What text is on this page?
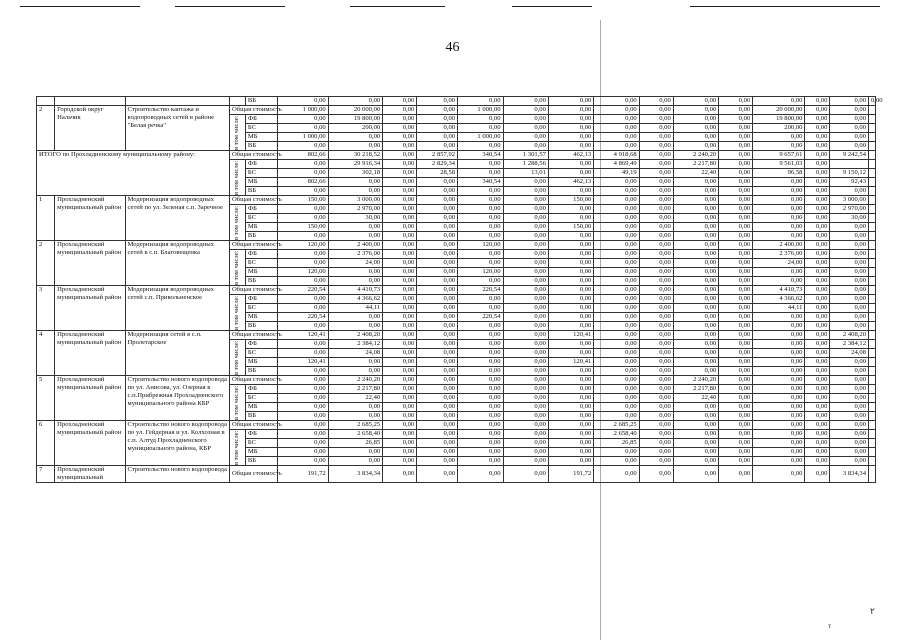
46
				ВБ	0,00	0,00	0,00	0,00	0,00	0,00	0,00	0,00	0,00	0,00	0,00	0,00	0,00	0,00	0,00
2	Городской округ Нальчик	Строительство каптажа и водопроводных сетей в районе "Белая речка"	Общая стоимость		1 000,00	20 000,00	0,00	0,00	1 000,00	0,00	0,00	0,00	0,00	0,00	0,00	20 000,00	0,00	0,00	
			в том числе:	ФБ	0,00	19 800,00	0,00	0,00	0,00	0,00	0,00	0,00	0,00	0,00	0,00	19 800,00	0,00	0,00	
				БС	0,00	200,00	0,00	0,00	0,00	0,00	0,00	0,00	0,00	0,00	0,00	200,00	0,00	0,00	
				МБ	1 000,00	0,00	0,00	0,00	1 000,00	0,00	0,00	0,00	0,00	0,00	0,00	0,00	0,00	0,00	
				ВБ	0,00	0,00	0,00	0,00	0,00	0,00	0,00	0,00	0,00	0,00	0,00	0,00	0,00	0,00	
ИТОГО по Прохладненскому муниципальному району:			Общая стоимость		802,66	30 218,52	0,00	2 857,92	340,54	1 301,57	462,13	4 918,68	0,00	2 240,20	0,00	9 657,61	0,00	9 242,54	
			в том числе:	ФБ	0,00	29 916,34	0,00	2 829,34	0,00	1 288,56	0,00	4 869,49	0,00	2 217,80	0,00	9 561,03	0,00		
				БС	0,00	302,18	0,00	28,58	0,00	13,01	0,00	49,19	0,00	22,40	0,00	96,58	0,00	9 150,12	
				МБ	802,66	0,00	0,00	0,00	340,54	0,00	462,13	0,00	0,00	0,00	0,00	0,00	0,00	92,43	
				ВБ	0,00	0,00	0,00	0,00	0,00	0,00	0,00	0,00	0,00	0,00	0,00	0,00	0,00	0,00	
1	Прохладненский муниципальный район	Модернизация водопроводных сетей по ул. Зеленая с.п. Заречное	Общая стоимость		150,00	3 000,00	0,00	0,00	0,00	0,00	150,00	0,00	0,00	0,00	0,00	0,00	0,00	3 000,00	
			в том числе:	ФБ	0,00	2 970,00	0,00	0,00	0,00	0,00	0,00	0,00	0,00	0,00	0,00	0,00	0,00	2 970,00	
				БС	0,00	30,00	0,00	0,00	0,00	0,00	0,00	0,00	0,00	0,00	0,00	0,00	0,00	30,00	
				МБ	150,00	0,00	0,00	0,00	0,00	0,00	150,00	0,00	0,00	0,00	0,00	0,00	0,00	0,00	
				ВБ	0,00	0,00	0,00	0,00	0,00	0,00	0,00	0,00	0,00	0,00	0,00	0,00	0,00	0,00	
2	Прохладненский муниципальный район	Модернизация водопроводных сетей в с.п. Благовещенка	Общая стоимость		120,00	2 400,00	0,00	0,00	120,00	0,00	0,00	0,00	0,00	0,00	0,00	2 400,00	0,00	0,00	
			в том числе:	ФБ	0,00	2 376,00	0,00	0,00	0,00	0,00	0,00	0,00	0,00	0,00	0,00	2 376,00	0,00	0,00	
				БС	0,00	24,00	0,00	0,00	0,00	0,00	0,00	0,00	0,00	0,00	0,00	24,00	0,00	0,00	
				МБ	120,00	0,00	0,00	0,00	120,00	0,00	0,00	0,00	0,00	0,00	0,00	0,00	0,00	0,00	
				ВБ	0,00	0,00	0,00	0,00	0,00	0,00	0,00	0,00	0,00	0,00	0,00	0,00	0,00	0,00	
3	Прохладненский муниципальный район	Модернизация водопроводных сетей с.п. Привольненское	Общая стоимость		220,54	4 410,73	0,00	0,00	220,54	0,00	0,00	0,00	0,00	0,00	0,00	4 410,73	0,00	0,00	
			в том числе:	ФБ	0,00	4 366,62	0,00	0,00	0,00	0,00	0,00	0,00	0,00	0,00	0,00	4 366,62	0,00	0,00	
				БС	0,00	44,11	0,00	0,00	0,00	0,00	0,00	0,00	0,00	0,00	0,00	44,11	0,00	0,00	
				МБ	220,54	0,00	0,00	0,00	220,54	0,00	0,00	0,00	0,00	0,00	0,00	0,00	0,00	0,00	
				ВБ	0,00	0,00	0,00	0,00	0,00	0,00	0,00	0,00	0,00	0,00	0,00	0,00	0,00	0,00	
4	Прохладненский муниципальный район	Модернизация сетей в с.п. Пролетарское	Общая стоимость		120,41	2 408,20	0,00	0,00	0,00	0,00	120,41	0,00	0,00	0,00	0,00	0,00	0,00	2 408,20	
			в том числе:	ФБ	0,00	2 384,12	0,00	0,00	0,00	0,00	0,00	0,00	0,00	0,00	0,00	0,00	0,00	2 384,12	
				БС	0,00	24,08	0,00	0,00	0,00	0,00	0,00	0,00	0,00	0,00	0,00	0,00	0,00	24,08	
				МБ	120,41	0,00	0,00	0,00	0,00	0,00	120,41	0,00	0,00	0,00	0,00	0,00	0,00	0,00	
				ВБ	0,00	0,00	0,00	0,00	0,00	0,00	0,00	0,00	0,00	0,00	0,00	0,00	0,00	0,00	
5	Прохладненский муниципальный район	Строительство нового водопровода по ул. Анисова, ул. Озерная в с.п.Прибрежная Прохладненского муниципального района КБР	Общая стоимость		0,00	2 240,20	0,00	0,00	0,00	0,00	0,00	0,00	0,00	2 240,20	0,00	0,00	0,00	0,00	
			в том числе:	ФБ	0,00	2 217,80	0,00	0,00	0,00	0,00	0,00	0,00	0,00	2 217,80	0,00	0,00	0,00	0,00	
				БС	0,00	22,40	0,00	0,00	0,00	0,00	0,00	0,00	0,00	22,40	0,00	0,00	0,00	0,00	
				МБ	0,00	0,00	0,00	0,00	0,00	0,00	0,00	0,00	0,00	0,00	0,00	0,00	0,00	0,00	
				ВБ	0,00	0,00	0,00	0,00	0,00	0,00	0,00	0,00	0,00	0,00	0,00	0,00	0,00	0,00	
6	Прохладненский муниципальный район	Строительство нового водопровода по ул. Гейдерная и ул. Колхозная в с.п. Алтуд Прохладненского муниципального района, КБР	Общая стоимость		0,00	2 685,25	0,00	0,00	0,00	0,00	0,00	2 685,25	0,00	0,00	0,00	0,00	0,00	0,00	
			в том числе:	ФБ	0,00	2 658,40	0,00	0,00	0,00	0,00	0,00	2 658,40	0,00	0,00	0,00	0,00	0,00	0,00	
				БС	0,00	26,85	0,00	0,00	0,00	0,00	0,00	26,85	0,00	0,00	0,00	0,00	0,00	0,00	
				МБ	0,00	0,00	0,00	0,00	0,00	0,00	0,00	0,00	0,00	0,00	0,00	0,00	0,00	0,00	
				ВБ	0,00	0,00	0,00	0,00	0,00	0,00	0,00	0,00	0,00	0,00	0,00	0,00	0,00	0,00	
7	Прохладненский муниципальный	Строительство нового водопровода	Общая стоимость		191,72	3 834,34	0,00	0,00	0,00	0,00	191,72	0,00	0,00	0,00	0,00	0,00	0,00	3 834,34	
۲
т
